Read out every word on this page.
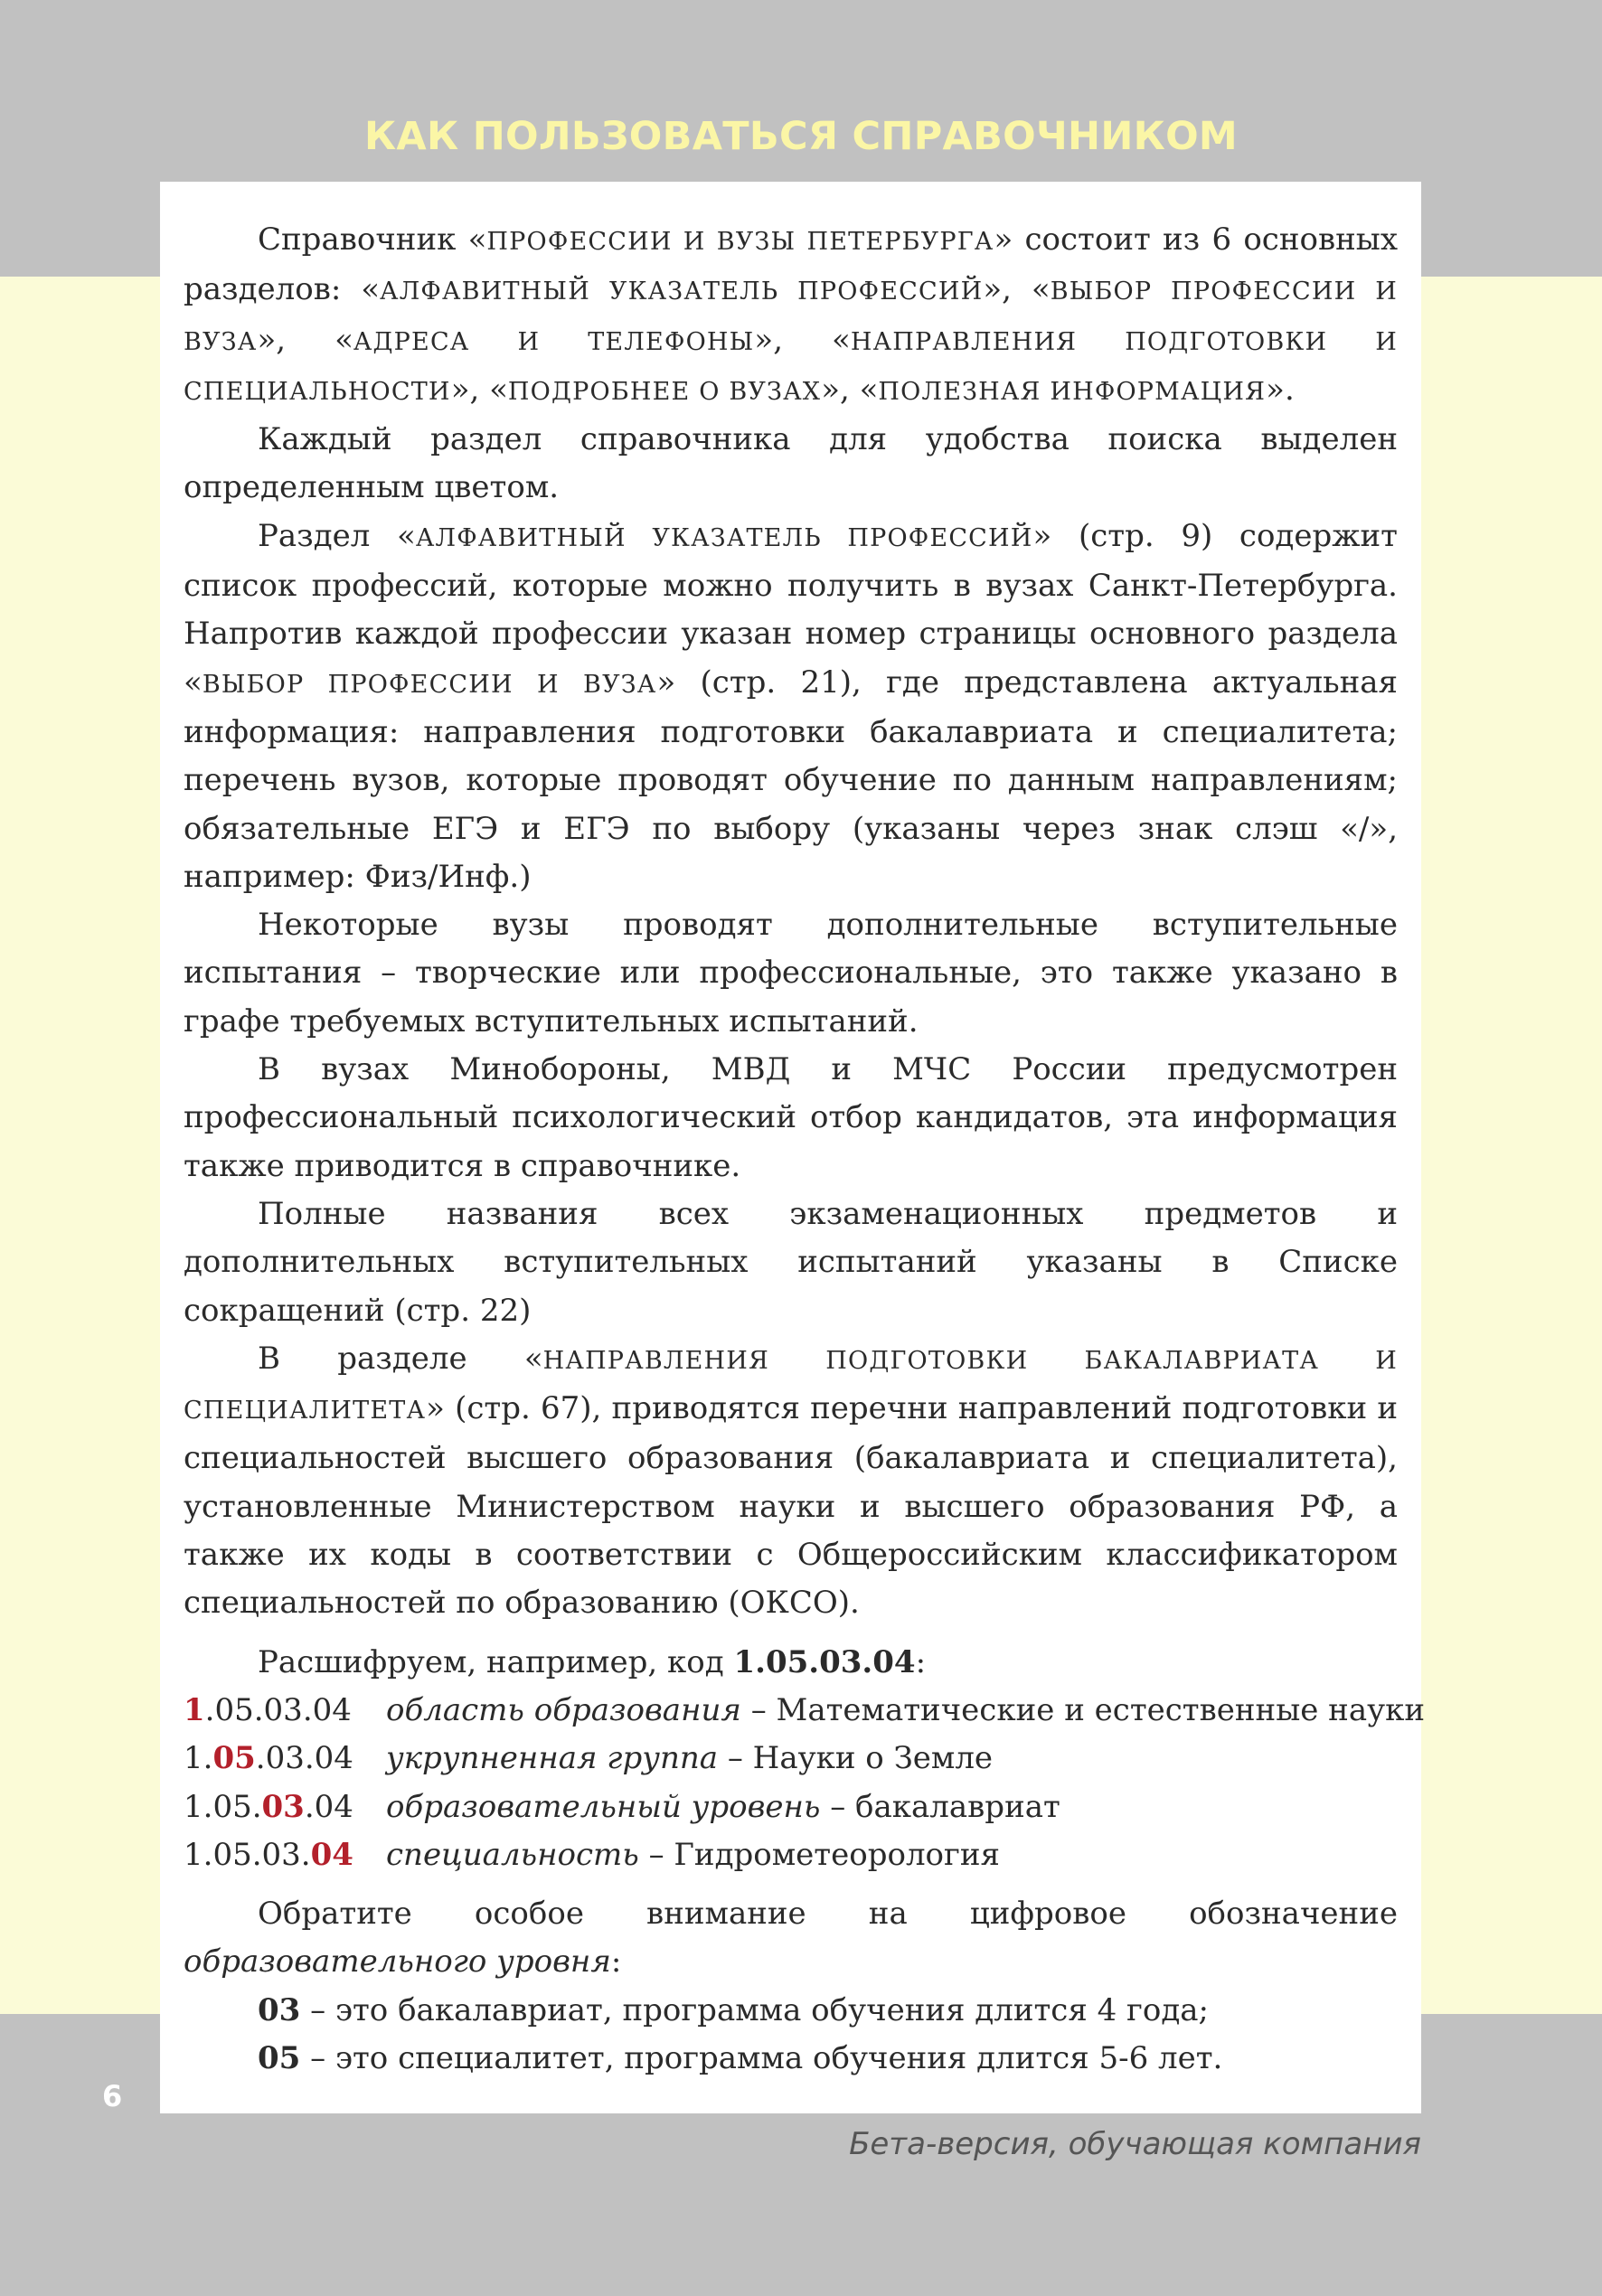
КАК ПОЛЬЗОВАТЬСЯ СПРАВОЧНИКОМ

Справочник «ПРОФЕССИИ И ВУЗЫ ПЕТЕРБУРГА» состоит из 6 основных разделов: «АЛФАВИТНЫЙ УКАЗАТЕЛЬ ПРОФЕССИЙ», «ВЫБОР ПРОФЕССИИ И ВУЗА», «АДРЕСА И ТЕЛЕФОНЫ», «НАПРАВЛЕНИЯ ПОДГОТОВКИ И СПЕЦИАЛЬНОСТИ», «ПОДРОБНЕЕ О ВУЗАХ», «ПОЛЕЗНАЯ ИНФОРМАЦИЯ».

Каждый раздел справочника для удобства поиска выделен определенным цветом.

Раздел «АЛФАВИТНЫЙ УКАЗАТЕЛЬ ПРОФЕССИЙ» (стр. 9) содержит список профессий, которые можно получить в вузах Санкт-Петербурга. Напротив каждой профессии указан номер страницы основного раздела «ВЫБОР ПРОФЕССИИ И ВУЗА» (стр. 21), где представлена актуальная информация: направления подготовки бакалавриата и специалитета; перечень вузов, которые проводят обучение по данным направлениям; обязательные ЕГЭ и ЕГЭ по выбору (указаны через знак слэш «/», например: Физ/Инф.)

Некоторые вузы проводят дополнительные вступительные испытания – творческие или профессиональные, это также указано в графе требуемых вступительных испытаний.

В вузах Минобороны, МВД и МЧС России предусмотрен профессиональный психологический отбор кандидатов, эта информация также приводится в справочнике.

Полные названия всех экзаменационных предметов и дополнительных вступительных испытаний указаны в Списке сокращений (стр. 22)

В разделе «НАПРАВЛЕНИЯ ПОДГОТОВКИ БАКАЛАВРИАТА И СПЕЦИАЛИТЕТА» (стр. 67), приводятся перечни направлений подготовки и специальностей высшего образования (бакалавриата и специалитета), установленные Министерством науки и высшего образования РФ, а также их коды в соответствии с Общероссийским классификатором специальностей по образованию (ОКСО).

Расшифруем, например, код 1.05.03.04:

1.05.03.04	область образования – Математические и естественные науки
1.05.03.04	укрупненная группа – Науки о Земле
1.05.03.04	образовательный уровень – бакалавриат
1.05.03.04	специальность – Гидрометеорология

Обратите особое внимание на цифровое обозначение образовательного уровня:

03 – это бакалавриат, программа обучения длится 4 года;

05 – это специалитет, программа обучения длится 5-6 лет.

6
Бета-версия, обучающая компания
